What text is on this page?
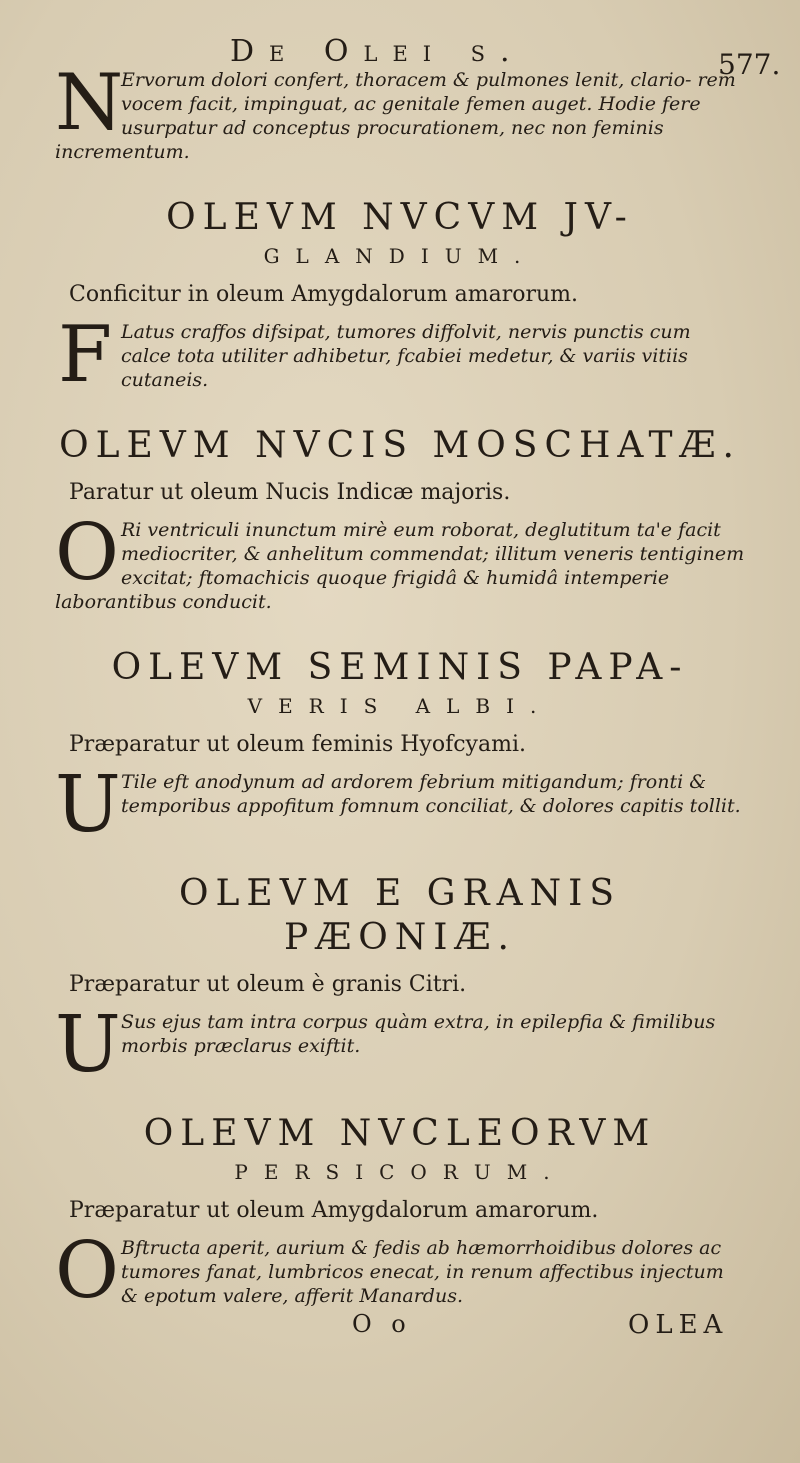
De Olei s.	577.
N

Ervorum dolori confert, thoracem & pulmones lenit, clario- rem vocem facit, impinguat, ac genitale femen auget. Hodie fere usurpatur ad conceptus procurationem, nec non feminis incrementum.

OLEVM NVCVM JV-
GLANDIUM.
Conficitur in oleum Amygdalorum amarorum.
F Latus craffos difsipat, tumores diffolvit, nervis punctis cum calce tota utiliter adhibetur, fcabiei medetur, & variis vitiis cutaneis.

OLEVM NVCIS MOSCHATÆ.
Paratur ut oleum Nucis Indicæ majoris.
O Ri ventriculi inunctum mirè eum roborat, deglutitum ta'e facit mediocriter, & anhelitum commendat; illitum veneris tentiginem excitat; ftomachicis quoque frigidâ & humidâ intemperie laborantibus conducit.

OLEVM SEMINIS PAPA-
VERIS ALBI.
Præparatur ut oleum feminis Hyofcyami.
U Tile eft anodynum ad ardorem febrium mitigandum; fronti & temporibus appofitum fomnum conciliat, & dolores capitis tollit.

OLEVM E GRANIS PÆONIÆ.
Præparatur ut oleum è granis Citri.
U Sus ejus tam intra corpus quàm extra, in epilepfia & fimilibus morbis præclarus exiftit.

OLEVM NVCLEORVM
PERSICORUM.
Præparatur ut oleum Amygdalorum amarorum.
O Bftructa aperit, aurium & fedis ab hæmorrhoidibus dolores ac tumores fanat, lumbricos enecat, in renum affectibus injectum & epotum valere, afferit Manardus.

O o	OLEA
